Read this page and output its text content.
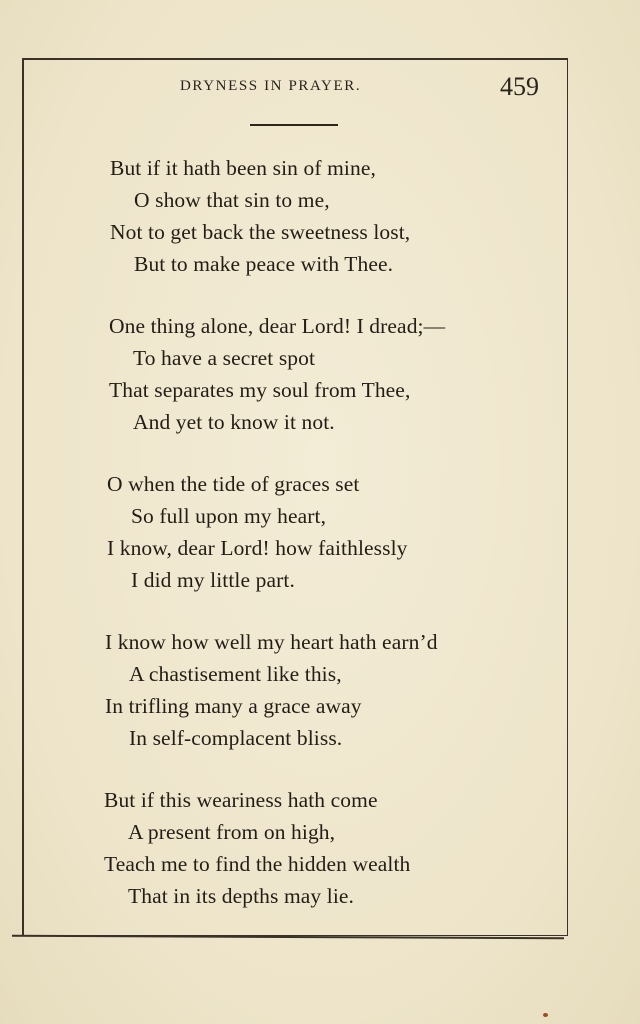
DRYNESS IN PRAYER.	459
But if it hath been sin of mine,
O show that sin to me,
Not to get back the sweetness lost,
But to make peace with Thee.
One thing alone, dear Lord! I dread;—
To have a secret spot
That separates my soul from Thee,
And yet to know it not.
O when the tide of graces set
So full upon my heart,
I know, dear Lord! how faithlessly
I did my little part.
I know how well my heart hath earn’d
A chastisement like this,
In trifling many a grace away
In self-complacent bliss.
But if this weariness hath come
A present from on high,
Teach me to find the hidden wealth
That in its depths may lie.
